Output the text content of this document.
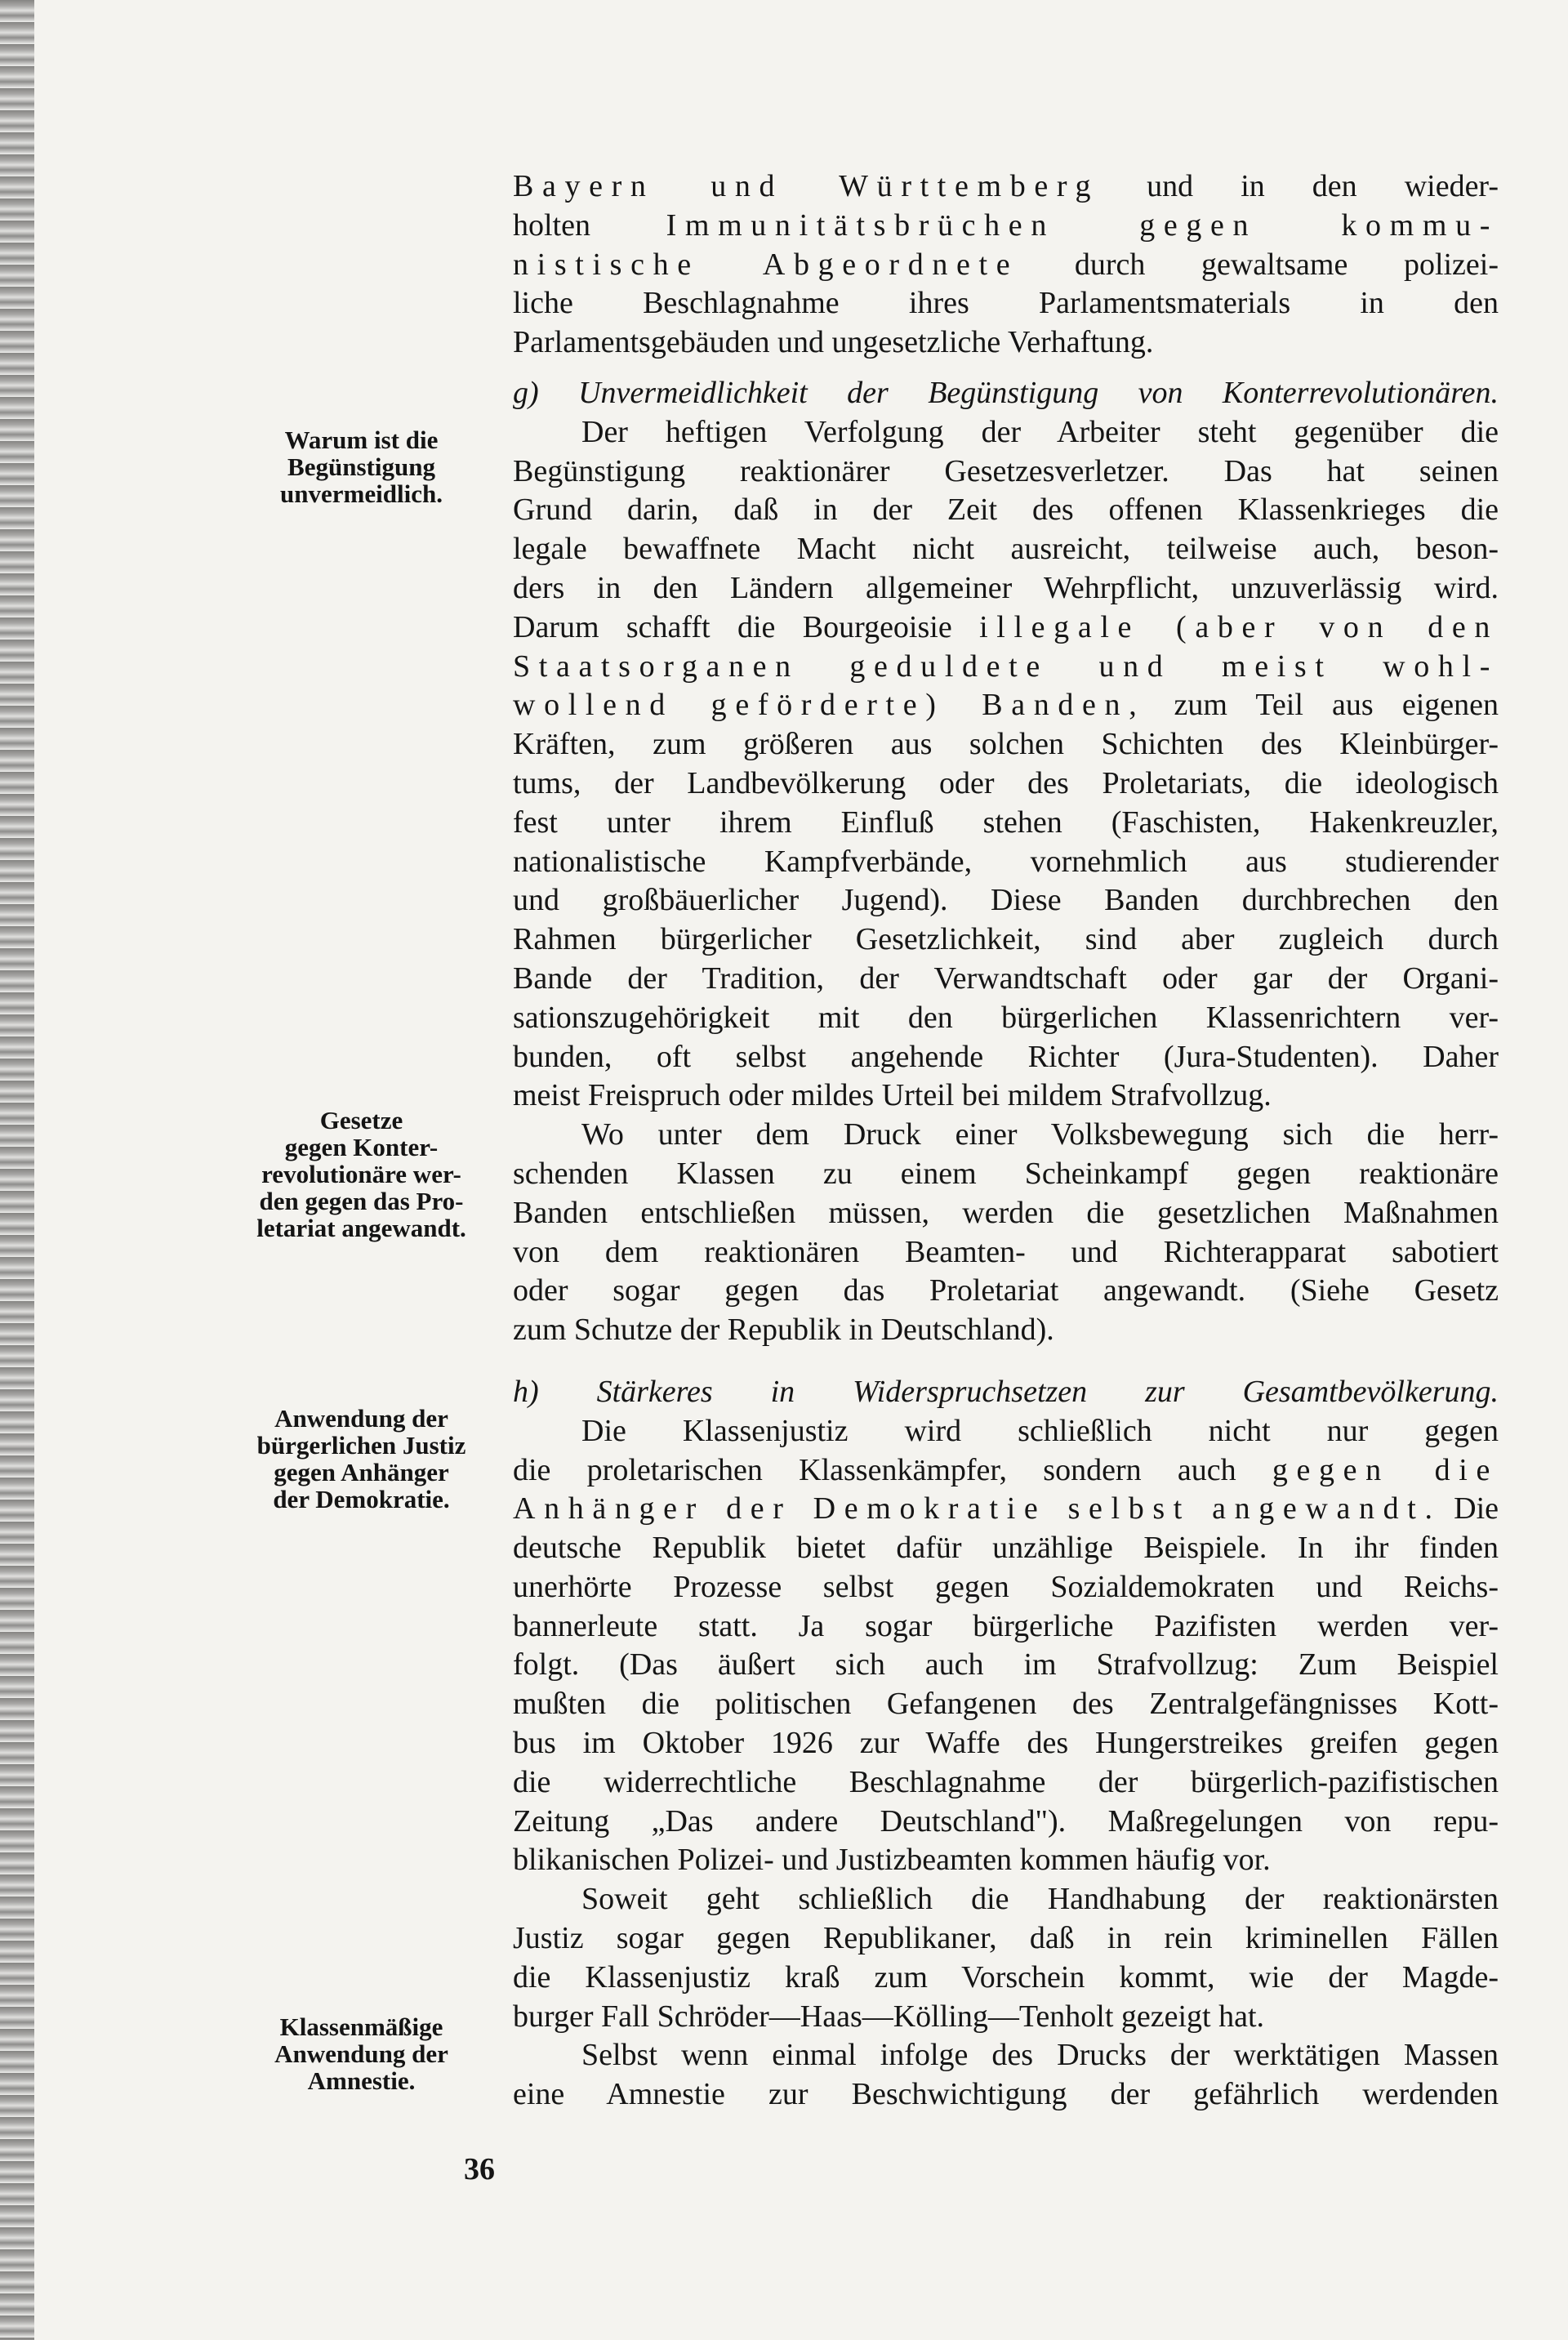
Warum ist die
Begünstigung
unvermeidlich.
Gesetze
gegen Konter-
revolutionäre wer-
den gegen das Pro-
letariat angewandt.
Anwendung der
bürgerlichen Justiz
gegen Anhänger
der Demokratie.
Klassenmäßige
Anwendung der
Amnestie.

Bayern und Württemberg und in den wieder-

holten Immunitätsbrüchen gegen kommu-

nistische Abgeordnete durch gewaltsame polizei-

liche Beschlagnahme ihres Parlamentsmaterials in den

Parlamentsgebäuden und ungesetzliche Verhaftung.

g) Unvermeidlichkeit der Begünstigung von Konterrevolutionären.

Der heftigen Verfolgung der Arbeiter steht gegenüber die

Begünstigung reaktionärer Gesetzesverletzer. Das hat seinen

Grund darin, daß in der Zeit des offenen Klassenkrieges die

legale bewaffnete Macht nicht ausreicht, teilweise auch, beson-

ders in den Ländern allgemeiner Wehrpflicht, unzuverlässig wird.

Darum schafft die Bourgeoisie illegale (aber von den

Staatsorganen geduldete und meist wohl-

wollend geförderte) Banden, zum Teil aus eigenen

Kräften, zum größeren aus solchen Schichten des Kleinbürger-

tums, der Landbevölkerung oder des Proletariats, die ideologisch

fest unter ihrem Einfluß stehen (Faschisten, Hakenkreuzler,

nationalistische Kampfverbände, vornehmlich aus studierender

und großbäuerlicher Jugend). Diese Banden durchbrechen den

Rahmen bürgerlicher Gesetzlichkeit, sind aber zugleich durch

Bande der Tradition, der Verwandtschaft oder gar der Organi-

sationszugehörigkeit mit den bürgerlichen Klassenrichtern ver-

bunden, oft selbst angehende Richter (Jura-Studenten). Daher

meist Freispruch oder mildes Urteil bei mildem Strafvollzug.

Wo unter dem Druck einer Volksbewegung sich die herr-

schenden Klassen zu einem Scheinkampf gegen reaktionäre

Banden entschließen müssen, werden die gesetzlichen Maßnahmen

von dem reaktionären Beamten- und Richterapparat sabotiert

oder sogar gegen das Proletariat angewandt. (Siehe Gesetz

zum Schutze der Republik in Deutschland).

h) Stärkeres in Widerspruchsetzen zur Gesamtbevölkerung.

Die Klassenjustiz wird schließlich nicht nur gegen

die proletarischen Klassenkämpfer, sondern auch gegen die

Anhänger der Demokratie selbst angewandt. Die

deutsche Republik bietet dafür unzählige Beispiele. In ihr finden

unerhörte Prozesse selbst gegen Sozialdemokraten und Reichs-

bannerleute statt. Ja sogar bürgerliche Pazifisten werden ver-

folgt. (Das äußert sich auch im Strafvollzug: Zum Beispiel

mußten die politischen Gefangenen des Zentralgefängnisses Kott-

bus im Oktober 1926 zur Waffe des Hungerstreikes greifen gegen

die widerrechtliche Beschlagnahme der bürgerlich-pazifistischen

Zeitung „Das andere Deutschland"). Maßregelungen von repu-

blikanischen Polizei- und Justizbeamten kommen häufig vor.

Soweit geht schließlich die Handhabung der reaktionärsten

Justiz sogar gegen Republikaner, daß in rein kriminellen Fällen

die Klassenjustiz kraß zum Vorschein kommt, wie der Magde-

burger Fall Schröder—Haas—Kölling—Tenholt gezeigt hat.

Selbst wenn einmal infolge des Drucks der werktätigen Massen

eine Amnestie zur Beschwichtigung der gefährlich werdenden

36
